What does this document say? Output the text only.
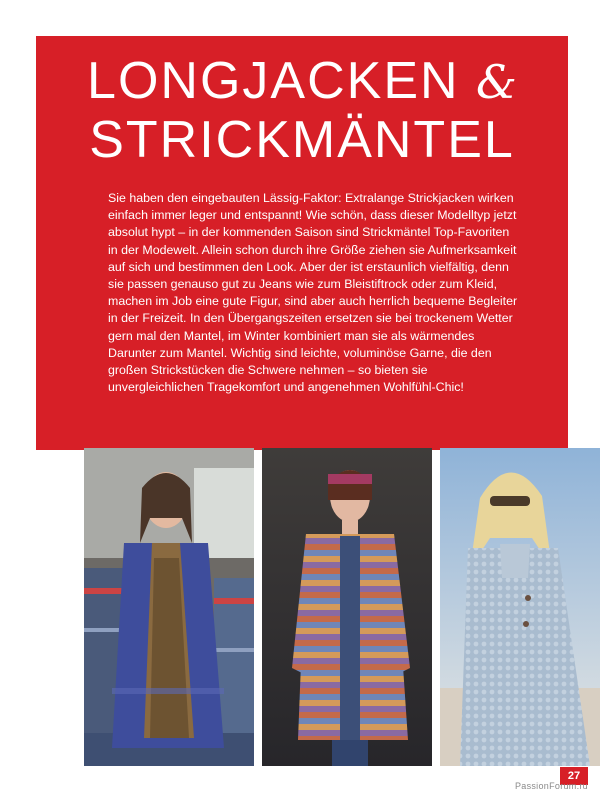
LONGJACKEN &
STRICKMÄNTEL

Sie haben den eingebauten Lässig-Faktor: Extralange Strickjacken wirken einfach immer leger und entspannt! Wie schön, dass dieser Modelltyp jetzt absolut hypt – in der kommenden Saison sind Strickmäntel Top-Favoriten in der Modewelt. Allein schon durch ihre Größe ziehen sie Aufmerksamkeit auf sich und bestimmen den Look. Aber der ist erstaunlich vielfältig, denn sie passen genauso gut zu Jeans wie zum Bleistiftrock oder zum Kleid, machen im Job eine gute Figur, sind aber auch herrlich bequeme Begleiter in der Freizeit. In den Übergangszeiten ersetzen sie bei trockenem Wetter gern mal den Mantel, im Winter kombiniert man sie als wärmendes Darunter zum Mantel. Wichtig sind leichte, voluminöse Garne, die den großen Strickstücken die Schwere nehmen – so bieten sie unvergleichlichen Tragekomfort und angenehmen Wohlfühl-Chic!

27
PassionForum.ru
